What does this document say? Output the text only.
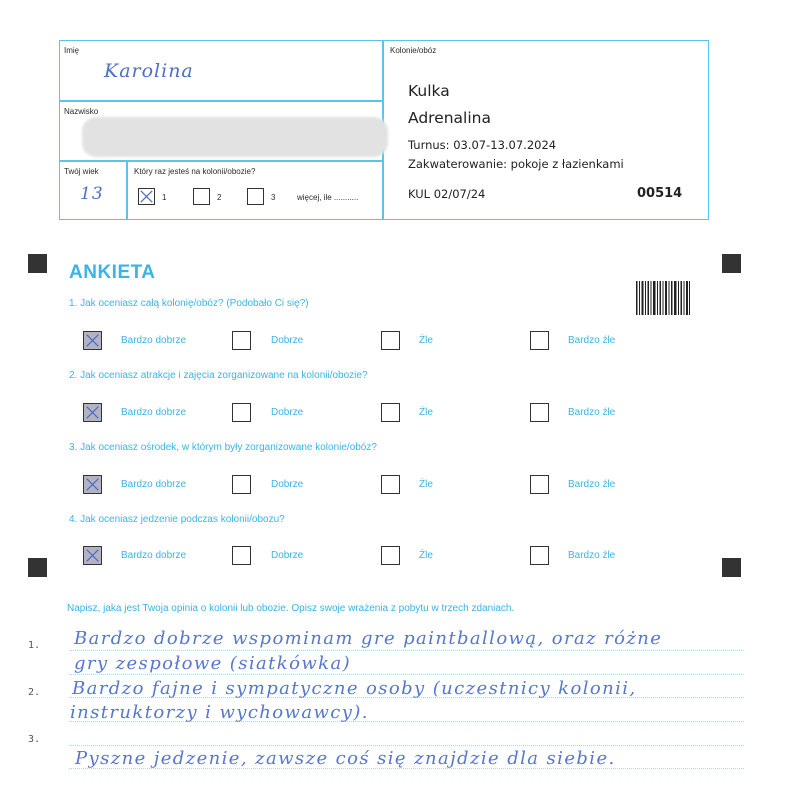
Imię
Karolina
Nazwisko
Twój wiek
13
Który raz jesteś na kolonii/obozie?
1	2	3	więcej, ile ...........
Kolonie/obóz
Kulka
Adrenalina
Turnus: 03.07-13.07.2024
Zakwaterowanie: pokoje z łazienkami
KUL 02/07/24	00514
ANKIETA
1. Jak oceniasz całą kolonię/obóz? (Podobało Ci się?)
Bardzo dobrze	Dobrze	Źle	Bardzo źle
2. Jak oceniasz atrakcje i zajęcia zorganizowane na kolonii/obozie?
Bardzo dobrze	Dobrze	Źle	Bardzo źle
3. Jak oceniasz ośrodek, w którym były zorganizowane kolonie/obóz?
Bardzo dobrze	Dobrze	Źle	Bardzo źle
4. Jak oceniasz jedzenie podczas kolonii/obozu?
Bardzo dobrze	Dobrze	Źle	Bardzo źle
Napisz, jaka jest Twoja opinia o kolonii lub obozie. Opisz swoje wrażenia z pobytu w trzech zdaniach.
1.
2.
3.
Bardzo dobrze wspominam gre paintballową, oraz różne
gry zespołowe (siatkówka)
Bardzo fajne i sympatyczne osoby (uczestnicy kolonii,
instruktorzy i wychowawcy).
Pyszne jedzenie, zawsze coś się znajdzie dla siebie.
